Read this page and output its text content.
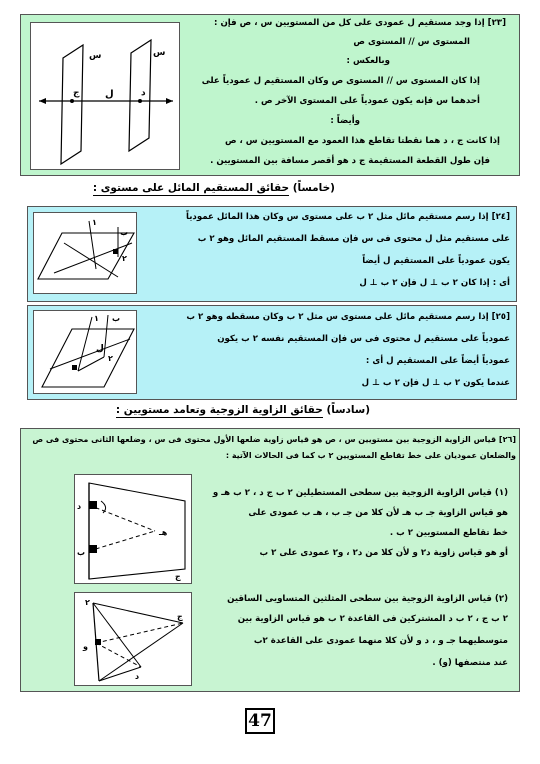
س	س
ل
ج	د
[٢٣] إذا وجد مستقيم ل عمودى على كل من المستويين س ، ص فإن :
المستوى س // المستوى ص
وبالعكس :
إذا كان المستوى س // المستوى ص وكان المستقيم ل عمودياً على
أحدهما س فإنه يكون عمودياً على المستوى الآخر ص .
وأيضاً :
إذا كانت ج ، د هما نقطتا تقاطع هذا العمود مع المستويين س ، ص
فإن طول القطعة المستقيمة ج د هو أقصر مسافة بين المستويين .
(خامساً) حقائق المستقيم المائل على مستوى :
١
ب
٢
[٢٤] إذا رسم مستقيم مائل مثل ٢ ب على مستوى س وكان هذا المائل عمودياً
على مستقيم مثل ل محتوى فى س فإن مسقط المستقيم المائل وهو ٢ ب
يكون عمودياً على المستقيم ل أيضاً
أى : إذا كان ٢ ب ⊥ ل فإن ٢ ب ⊥ ل
١
ل
ب
٢
[٢٥] إذا رسم مستقيم مائل على مستوى س مثل ٢ ب وكان مسقطه وهو ٢ ب
عمودياً على مستقيم ل محتوى فى س فإن المستقيم نفسه ٢ ب يكون
عمودياً أيضاً على المستقيم ل أى :
عندما يكون ٢ ب ⊥ ل فإن ٢ ب ⊥ ل
(سادساً) حقائق الزاوية الزوجية وتعامد مستويين :
[٢٦] قياس الزاوية الزوجية بين مستويين س ، ص هو قياس زاوية ضلعها الأول محتوى فى س ، وضلعها الثانى محتوى فى ص
والضلعان عموديان على خط تقاطع المستويين ٢ ب كما فى الحالات الآتية :
د
ب
هـ
ج
٢
ج
و
د
(١) قياس الزاوية الزوجية بين سطحى المستطيلين ٢ ب ج د ، ٢ ب هـ و
هو قياس الزاوية جـ ب هـ لأن كلا من جـ ب ، هـ ب عمودى على
خط تقاطع المستويين ٢ ب .
أو هو قياس زاوية د٢ و لأن كلا من د٢ ، و٢ عمودى على ٢ ب
(٢) قياس الزاوية الزوجية بين سطحى المثلثين المتساويى الساقين
٢ ب ج ، ٢ ب د المشتركين فى القاعدة ٢ ب هو قياس الزاوية بين
متوسطيهما جـ و ، د و لأن كلا منهما عمودى على القاعدة ٢ب
عند منتصفها (و) .
47
